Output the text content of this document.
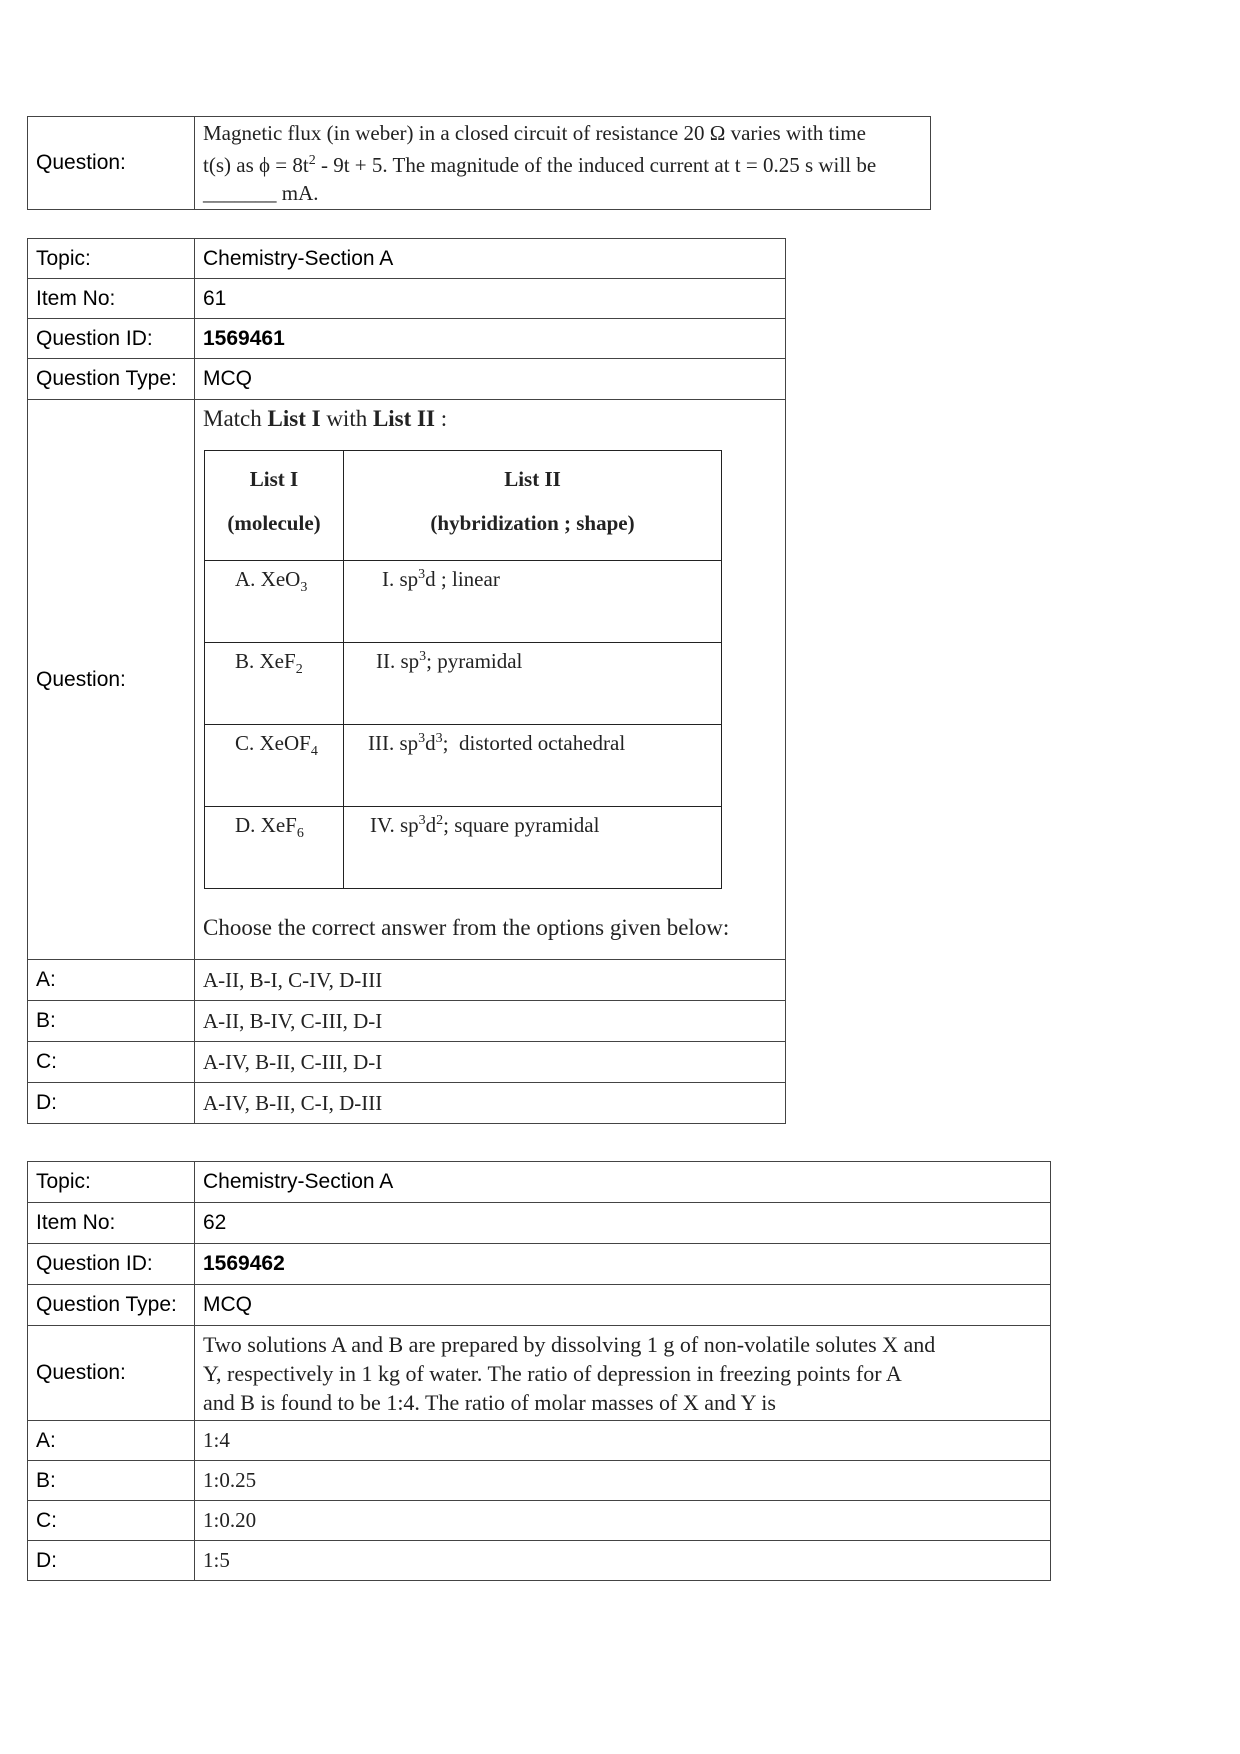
Question:	
Magnetic flux (in weber) in a closed circuit of resistance 20 Ω varies with time
t(s) as $\phi = 8t^2 - 9t + 5$. The magnitude of the induced current at t = 0.25 s will be
_______ mA.
Topic:	Chemistry-Section A
Item No:	61
Question ID:	1569461
Question Type:	MCQ
Question:	
Match List I with List II :
List I
(molecule)

List II
(hybridization ; shape)

A. XeO$_3$	I. $sp^3d$ ; linear
B. XeF$_2$	II. $sp^3$; pyramidal
C. XeOF$_4$	III. $sp^3d^3$;  distorted octahedral
D. XeF$_6$	IV. $sp^3d^2$; square pyramidal
Choose the correct answer from the options given below:

A:	A-II, B-I, C-IV, D-III
B:	A-II, B-IV, C-III, D-I
C:	A-IV, B-II, C-III, D-I
D:	A-IV, B-II, C-I, D-III
Topic:	Chemistry-Section A
Item No:	62
Question ID:	1569462
Question Type:	MCQ
Question:	Two solutions A and B are prepared by dissolving 1 g of non-volatile solutes X and
Y, respectively in 1 kg of water. The ratio of depression in freezing points for A
and B is found to be 1:4. The ratio of molar masses of X and Y is

A:	1:4
B:	1:0.25
C:	1:0.20
D:	1:5
